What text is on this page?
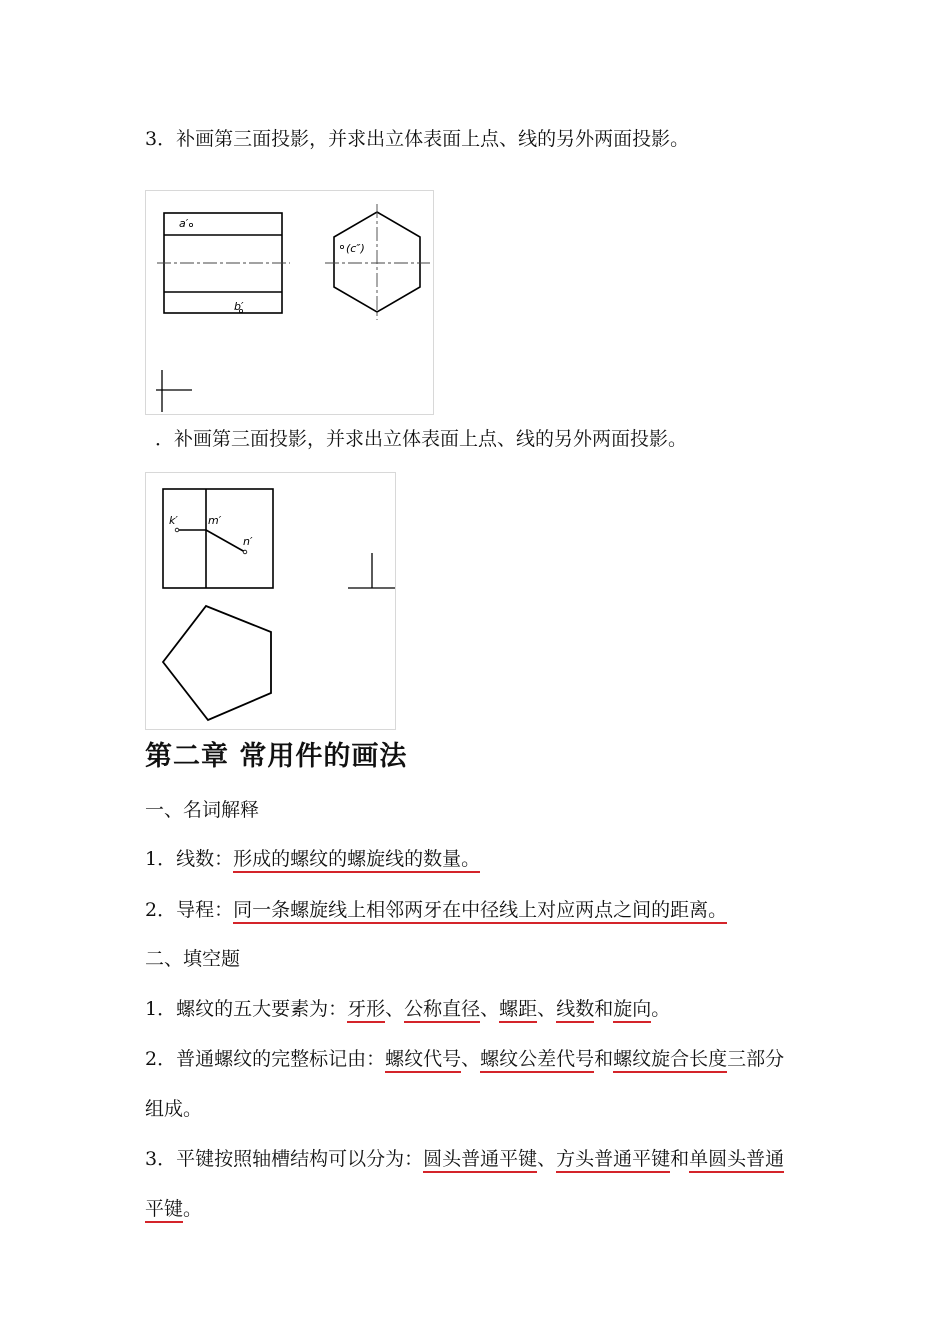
3．补画第三面投影，并求出立体表面上点、线的另外两面投影。
a′
b′
(c″)
．补画第三面投影，并求出立体表面上点、线的另外两面投影。
k′	m′
n′
第二章 常用件的画法
一、名词解释
1．线数：形成的螺纹的螺旋线的数量。
2．导程：同一条螺旋线上相邻两牙在中径线上对应两点之间的距离。
二、填空题
1．螺纹的五大要素为：牙形、公称直径、螺距、线数和旋向。
2．普通螺纹的完整标记由：螺纹代号、螺纹公差代号和螺纹旋合长度三部分
组成。
3．平键按照轴槽结构可以分为：圆头普通平键、方头普通平键和单圆头普通
平键。
